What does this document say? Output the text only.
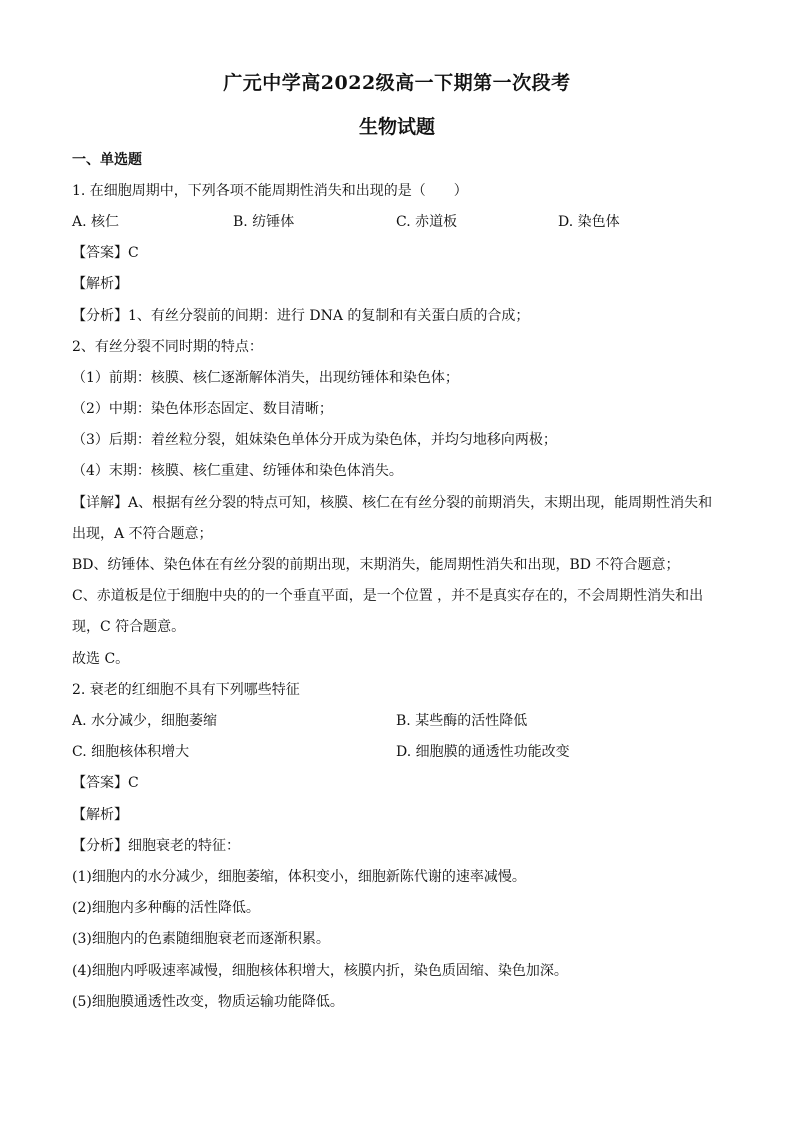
广元中学高2022级高一下期第一次段考
生物试题
一、单选题
1. 在细胞周期中，下列各项不能周期性消失和出现的是（　　）
A. 核仁	B. 纺锤体	C. 赤道板	D. 染色体
【答案】C
【解析】
【分析】1、有丝分裂前的间期：进行 DNA 的复制和有关蛋白质的合成；
2、有丝分裂不同时期的特点：
（1）前期：核膜、核仁逐渐解体消失，出现纺锤体和染色体；
（2）中期：染色体形态固定、数目清晰；
（3）后期：着丝粒分裂，姐妹染色单体分开成为染色体，并均匀地移向两极；
（4）末期：核膜、核仁重建、纺锤体和染色体消失。
【详解】A、根据有丝分裂的特点可知，核膜、核仁在有丝分裂的前期消失，末期出现，能周期性消失和
出现，A 不符合题意；
BD、纺锤体、染色体在有丝分裂的前期出现，末期消失，能周期性消失和出现，BD 不符合题意；
C、赤道板是位于细胞中央的的一个垂直平面，是一个位置 ，并不是真实存在的，不会周期性消失和出
现，C 符合题意。
故选 C。
2. 衰老的红细胞不具有下列哪些特征
A. 水分减少，细胞萎缩	B. 某些酶的活性降低
C. 细胞核体积增大	D. 细胞膜的通透性功能改变
【答案】C
【解析】
【分析】细胞衰老的特征：
(1)细胞内的水分减少，细胞萎缩，体积变小，细胞新陈代谢的速率减慢。
(2)细胞内多种酶的活性降低。
(3)细胞内的色素随细胞衰老而逐渐积累。
(4)细胞内呼吸速率减慢，细胞核体积增大，核膜内折，染色质固缩、染色加深。
(5)细胞膜通透性改变，物质运输功能降低。
